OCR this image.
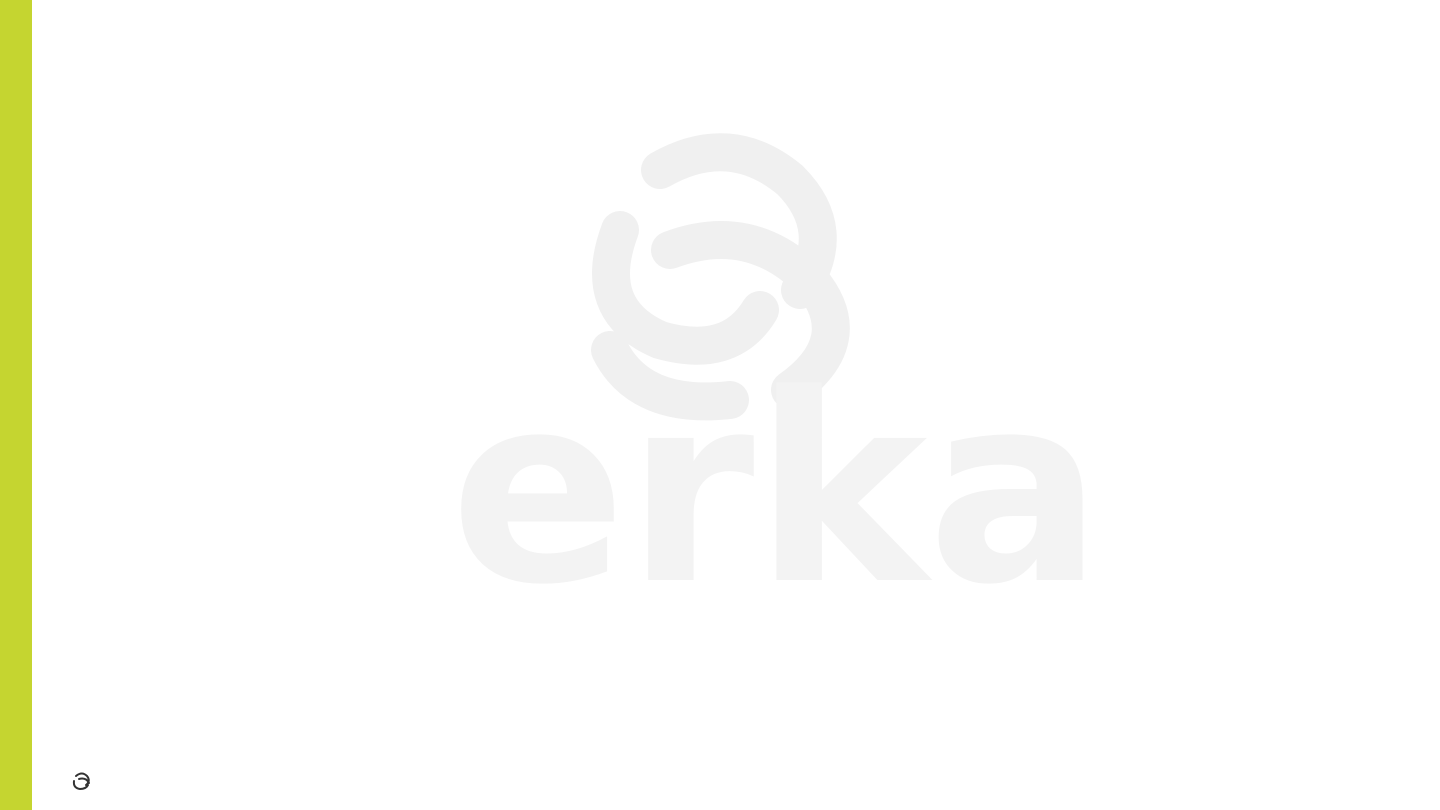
erka
